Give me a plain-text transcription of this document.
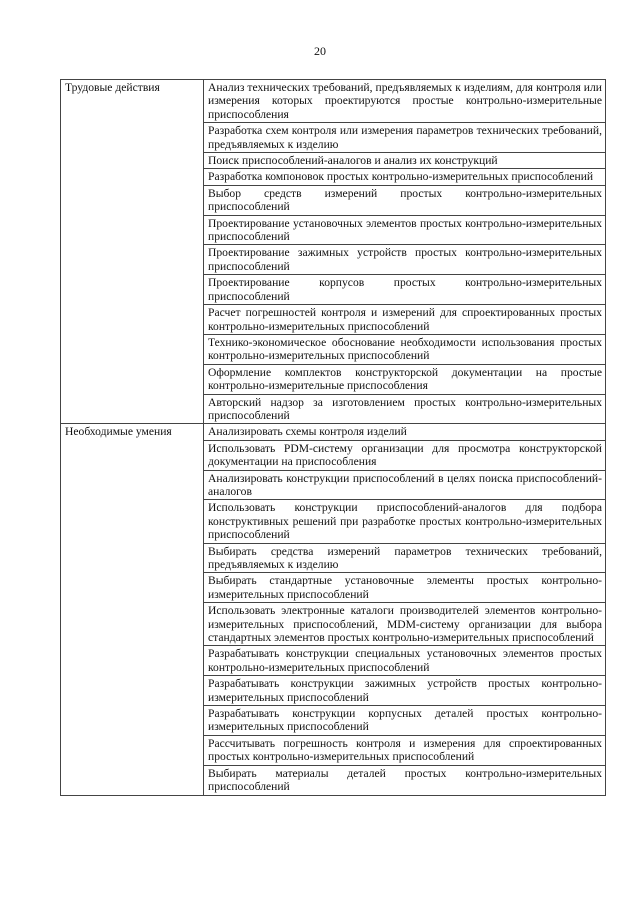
20
Трудовые действия	Анализ технических требований, предъявляемых к изделиям, для контроля или измерения которых проектируются простые контрольно-измерительные приспособления
	Разработка схем контроля или измерения параметров технических требований, предъявляемых к изделию
	Поиск приспособлений-аналогов и анализ их конструкций
	Разработка компоновок простых контрольно-измерительных приспособлений
	Выбор средств измерений простых контрольно-измерительных приспособлений
	Проектирование установочных элементов простых контрольно-измерительных приспособлений
	Проектирование зажимных устройств простых контрольно-измерительных приспособлений
	Проектирование корпусов простых контрольно-измерительных приспособлений
	Расчет погрешностей контроля и измерений для спроектированных простых контрольно-измерительных приспособлений
	Технико-экономическое обоснование необходимости использования простых контрольно-измерительных приспособлений
	Оформление комплектов конструкторской документации на простые контрольно-измерительные приспособления
	Авторский надзор за изготовлением простых контрольно-измерительных приспособлений
Необходимые умения	Анализировать схемы контроля изделий
	Использовать PDM-систему организации для просмотра конструкторской документации на приспособления
	Анализировать конструкции приспособлений в целях поиска приспособлений-аналогов
	Использовать конструкции приспособлений-аналогов для подбора конструктивных решений при разработке простых контрольно-измерительных приспособлений
	Выбирать средства измерений параметров технических требований, предъявляемых к изделию
	Выбирать стандартные установочные элементы простых контрольно-измерительных приспособлений
	Использовать электронные каталоги производителей элементов контрольно-измерительных приспособлений, MDM-систему организации для выбора стандартных элементов простых контрольно-измерительных приспособлений
	Разрабатывать конструкции специальных установочных элементов простых контрольно-измерительных приспособлений
	Разрабатывать конструкции зажимных устройств простых контрольно-измерительных приспособлений
	Разрабатывать конструкции корпусных деталей простых контрольно-измерительных приспособлений
	Рассчитывать погрешность контроля и измерения для спроектированных простых контрольно-измерительных приспособлений
	Выбирать материалы деталей простых контрольно-измерительных приспособлений
